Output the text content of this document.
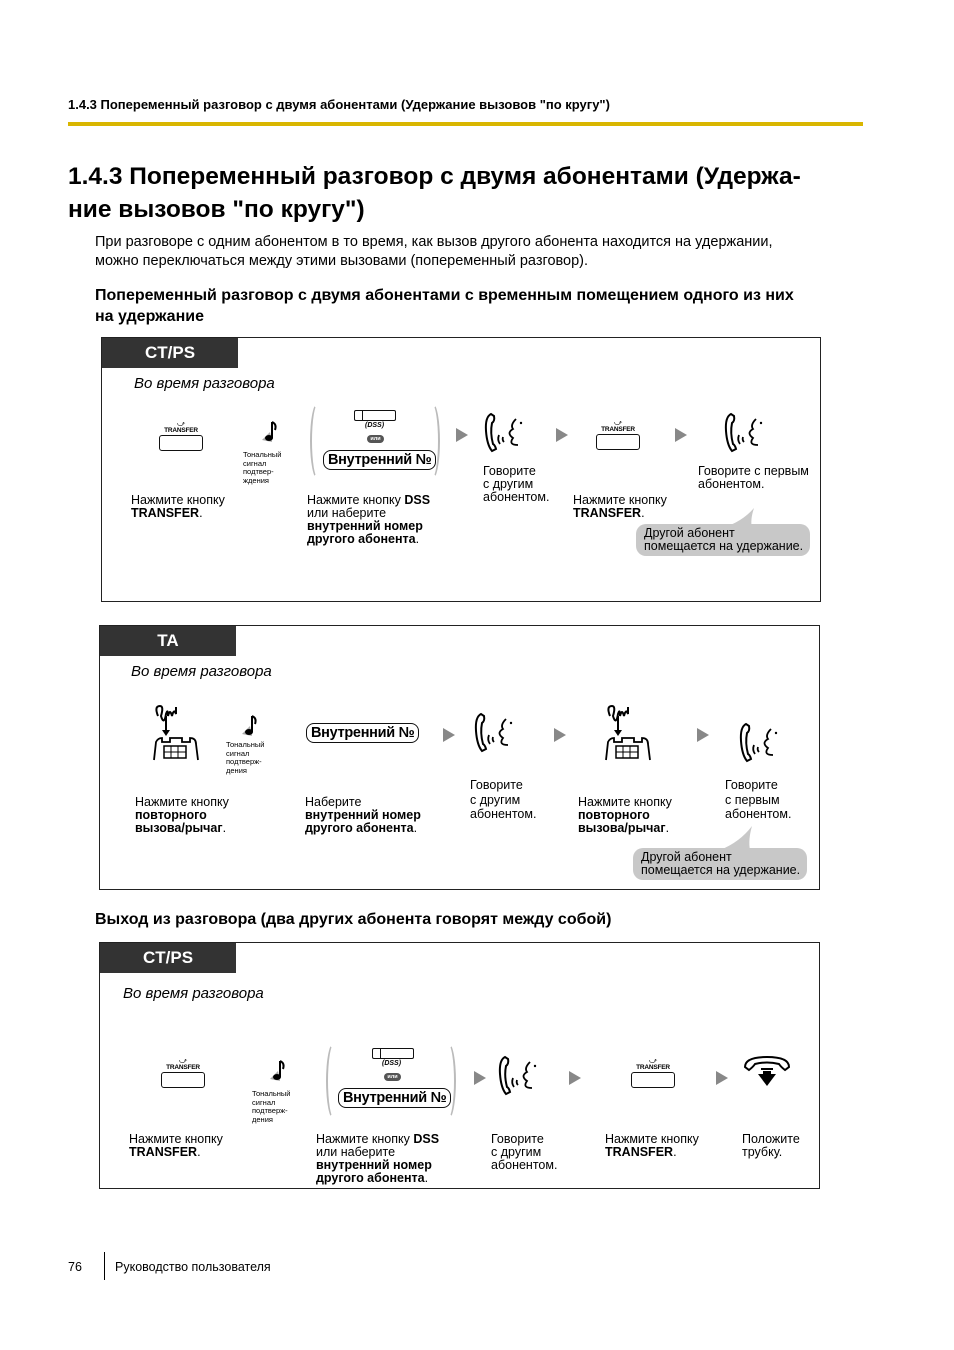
1.4.3 Попеременный разговор с двумя абонентами (Удержание вызовов "по кругу")
1.4.3 Попеременный разговор с двумя абонентами (Удержа-
ние вызовов "по кругу")
При разговоре с одним абонентом в то время, как вызов другого абонента находится на удержании,
можно переключаться между этими вызовами (попеременный разговор).
Попеременный разговор с двумя абонентами с временным помещением одного из них
на удержание
CT/PS
Во время разговора
⤻
TRANSFER
Тональный
сигнал
подтвер-
ждения
(DSS)
или
Внутренний №
⤻
TRANSFER
Нажмите кнопку
TRANSFER.
Нажмите кнопку DSS
или наберите
внутренний номер
другого абонента.
Говорите
с другим
абонентом. Нажмите кнопку
TRANSFER.
Говорите с первым
абонентом.
Другой абонент
помещается на удержание.
TA
Во время разговора
Тональный
сигнал
подтверж-
дения
Внутренний №
Нажмите кнопку
повторного
вызова/рычаг.
Наберите
внутренний номер
другого абонента.
Говорите
с другим
абонентом.
Нажмите кнопку
повторного
вызова/рычаг.
Говорите
с первым
абонентом.
Другой абонент
помещается на удержание.
Выход из разговора (два других абонента говорят между собой)
CT/PS
Во время разговора
⤻
TRANSFER
Тональный
сигнал
подтверж-
дения
(DSS)
или
Внутренний №
⤻
TRANSFER
Нажмите кнопку
TRANSFER.
Нажмите кнопку DSS
или наберите
внутренний номер
другого абонента.
Говорите
с другим
абонентом.
Нажмите кнопку
TRANSFER.
Положите
трубку.
76	Руководство пользователя
